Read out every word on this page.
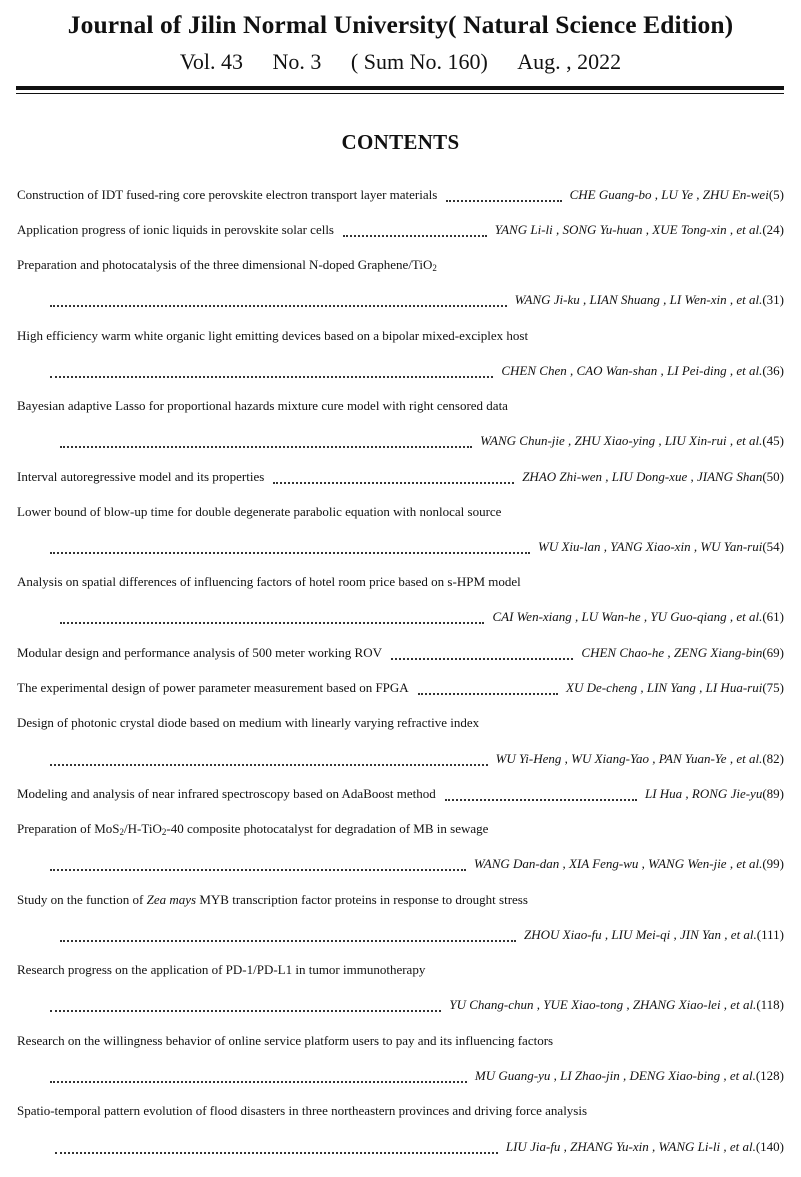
Journal of Jilin Normal University( Natural Science Edition)
Vol. 43 No. 3 ( Sum No. 160) Aug. , 2022
CONTENTS
Construction of IDT fused-ring core perovskite electron transport layer materials	CHE Guang-bo , LU Ye , ZHU En-wei (5)
Application progress of ionic liquids in perovskite solar cells	YANG Li-li , SONG Yu-huan , XUE Tong-xin , et al. (24)
Preparation and photocatalysis of the three dimensional N-doped Graphene/TiO$_2$
WANG Ji-ku , LIAN Shuang , LI Wen-xin , et al. (31)
High efficiency warm white organic light emitting devices based on a bipolar mixed-exciplex host
CHEN Chen , CAO Wan-shan , LI Pei-ding , et al. (36)
Bayesian adaptive Lasso for proportional hazards mixture cure model with right censored data
WANG Chun-jie , ZHU Xiao-ying , LIU Xin-rui , et al. (45)
Interval autoregressive model and its properties	ZHAO Zhi-wen , LIU Dong-xue , JIANG Shan (50)
Lower bound of blow-up time for double degenerate parabolic equation with nonlocal source
WU Xiu-lan , YANG Xiao-xin , WU Yan-rui (54)
Analysis on spatial differences of influencing factors of hotel room price based on s-HPM model
CAI Wen-xiang , LU Wan-he , YU Guo-qiang , et al. (61)
Modular design and performance analysis of 500 meter working ROV	CHEN Chao-he , ZENG Xiang-bin (69)
The experimental design of power parameter measurement based on FPGA	XU De-cheng , LIN Yang , LI Hua-rui (75)
Design of photonic crystal diode based on medium with linearly varying refractive index
WU Yi-Heng , WU Xiang-Yao , PAN Yuan-Ye , et al. (82)
Modeling and analysis of near infrared spectroscopy based on AdaBoost method	LI Hua , RONG Jie-yu (89)
Preparation of MoS$_2$/H-TiO$_2$-40 composite photocatalyst for degradation of MB in sewage
WANG Dan-dan , XIA Feng-wu , WANG Wen-jie , et al. (99)
Study on the function of Zea mays MYB transcription factor proteins in response to drought stress
ZHOU Xiao-fu , LIU Mei-qi , JIN Yan , et al. (111)
Research progress on the application of PD-1/PD-L1 in tumor immunotherapy
YU Chang-chun , YUE Xiao-tong , ZHANG Xiao-lei , et al. (118)
Research on the willingness behavior of online service platform users to pay and its influencing factors
MU Guang-yu , LI Zhao-jin , DENG Xiao-bing , et al. (128)
Spatio-temporal pattern evolution of flood disasters in three northeastern provinces and driving force analysis
LIU Jia-fu , ZHANG Yu-xin , WANG Li-li , et al. (140)
